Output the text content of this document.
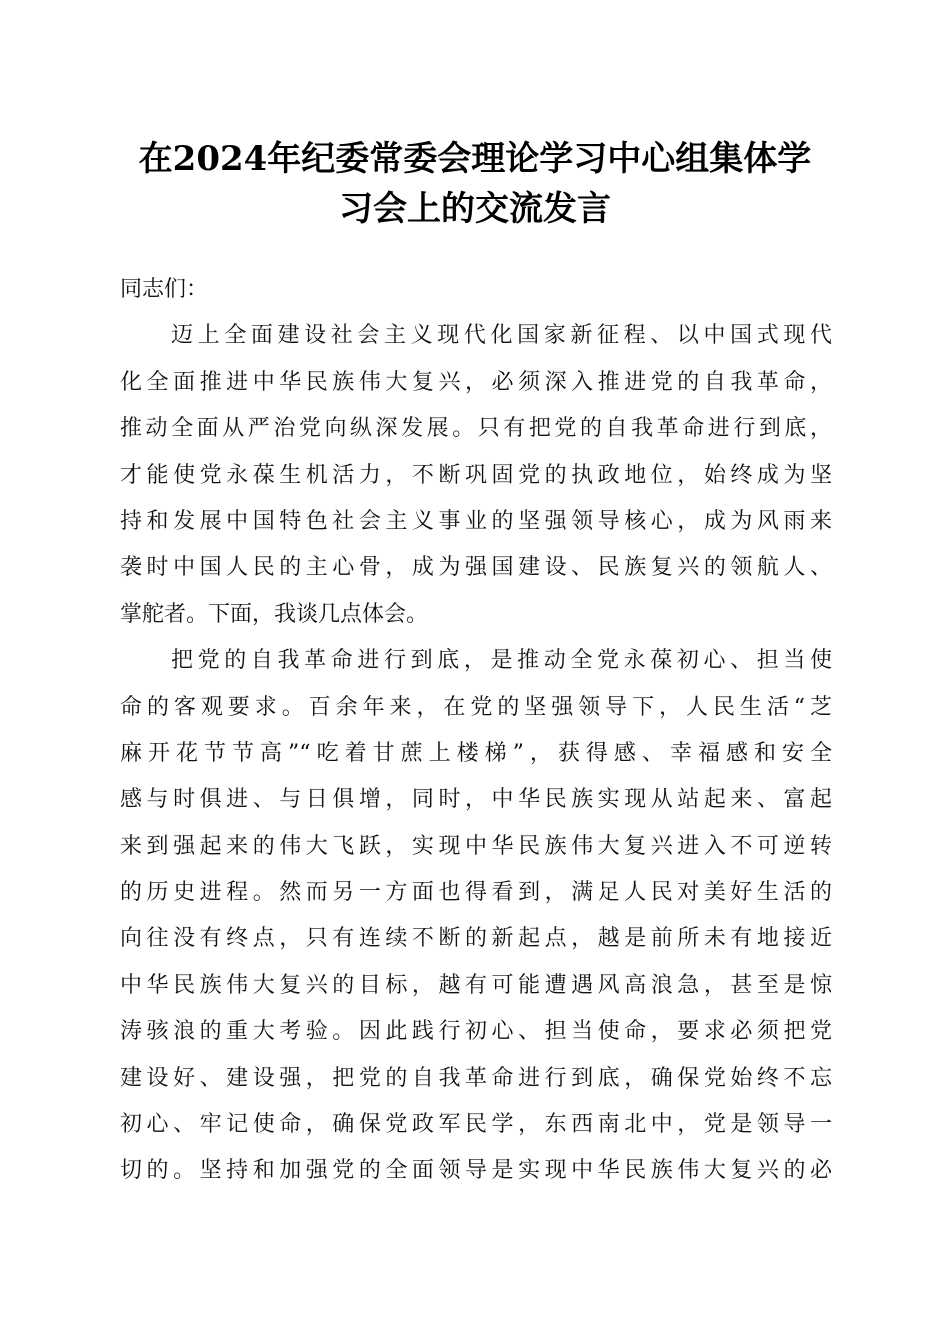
在2024年纪委常委会理论学习中心组集体学
习会上的交流发言
同志们：
迈上全面建设社会主义现代化国家新征程、以中国式现代
化全面推进中华民族伟大复兴，必须深入推进党的自我革命，
推动全面从严治党向纵深发展。只有把党的自我革命进行到底，
才能使党永葆生机活力，不断巩固党的执政地位，始终成为坚
持和发展中国特色社会主义事业的坚强领导核心，成为风雨来
袭时中国人民的主心骨，成为强国建设、民族复兴的领航人、
掌舵者。下面，我谈几点体会。
把党的自我革命进行到底，是推动全党永葆初心、担当使
命的客观要求。百余年来，在党的坚强领导下，人民生活“芝
麻开花节节高”“吃着甘蔗上楼梯”，获得感、幸福感和安全
感与时俱进、与日俱增，同时，中华民族实现从站起来、富起
来到强起来的伟大飞跃，实现中华民族伟大复兴进入不可逆转
的历史进程。然而另一方面也得看到，满足人民对美好生活的
向往没有终点，只有连续不断的新起点，越是前所未有地接近
中华民族伟大复兴的目标，越有可能遭遇风高浪急，甚至是惊
涛骇浪的重大考验。因此践行初心、担当使命，要求必须把党
建设好、建设强，把党的自我革命进行到底，确保党始终不忘
初心、牢记使命，确保党政军民学，东西南北中，党是领导一
切的。坚持和加强党的全面领导是实现中华民族伟大复兴的必
